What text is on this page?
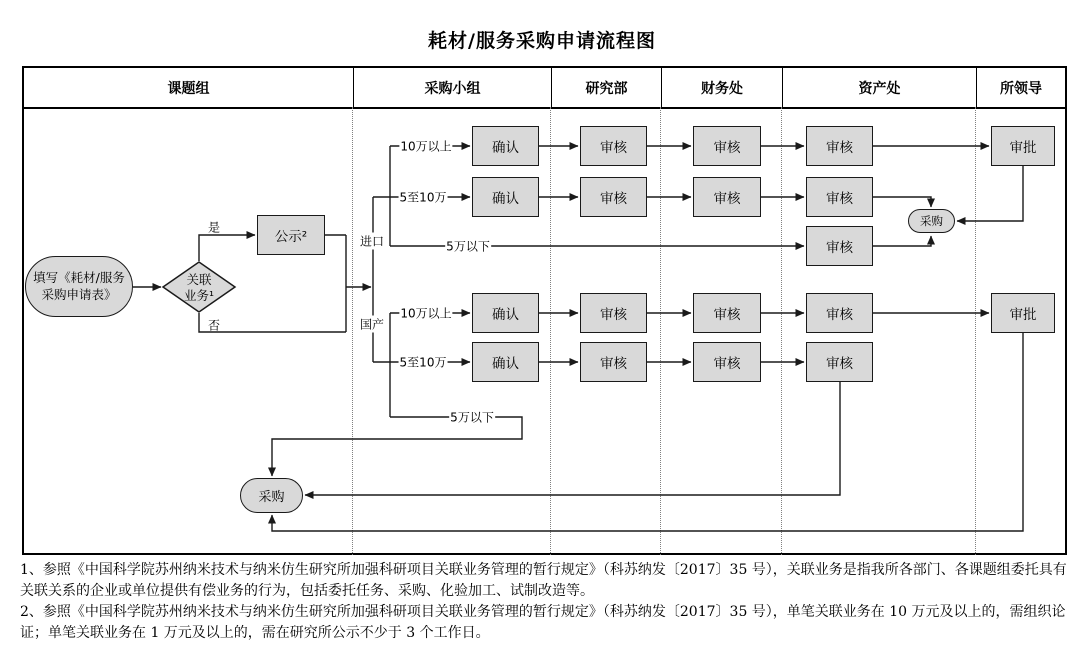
耗材/服务采购申请流程图
课题组	采购小组	研究部	财务处	资产处	所领导
填写《耗材/服务采购申请表》
关联业务¹
公示²
确认
确认
确认
确认
审核
审核
审核
审核
审核
审核
审核
审核
审核
审核
审核
审核
审核
审批
审批
采购
采购
是
否
进口
国产
10万以上
5至10万
5万以下
10万以上
5至10万
5万以下

1、参照《中国科学院苏州纳米技术与纳米仿生研究所加强科研项目关联业务管理的暂行规定》（科苏纳发〔2017〕35 号），关联业务是指我所各部门、各课题组委托具有关联关系的企业或单位提供有偿业务的行为，包括委托任务、采购、化验加工、试制改造等。

2、参照《中国科学院苏州纳米技术与纳米仿生研究所加强科研项目关联业务管理的暂行规定》（科苏纳发〔2017〕35 号），单笔关联业务在 10 万元及以上的，需组织论证；单笔关联业务在 1 万元及以上的，需在研究所公示不少于 3 个工作日。
